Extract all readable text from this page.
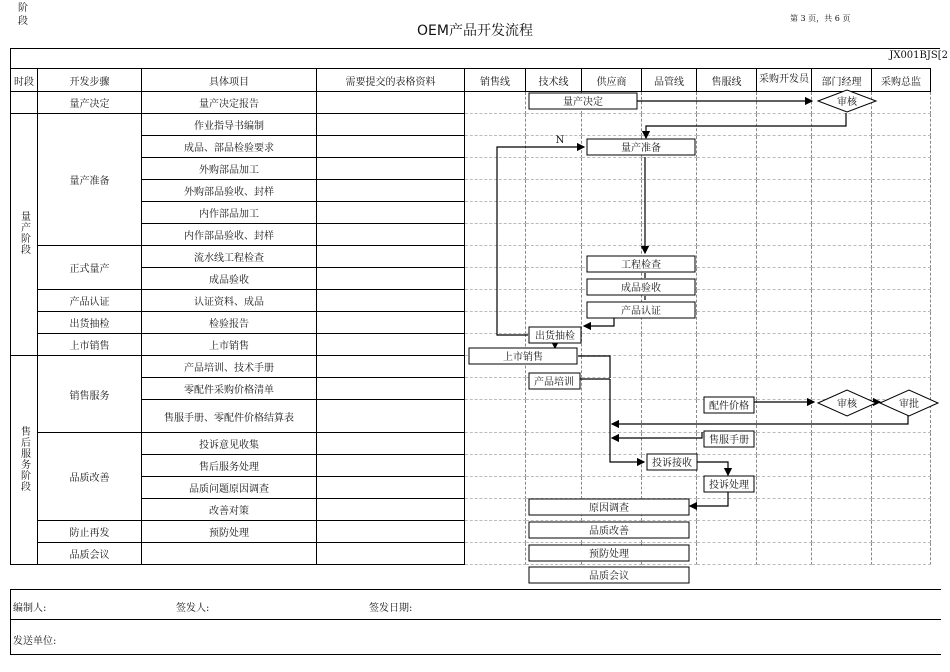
阶段
OEM产品开发流程
第 3 页，共 6 页
JX001BJS[2
时段	开发步骤	具体项目	需要提交的表格资料	销售线	技术线	供应商	品管线	售服线	采购开发员	部门经理	采购总监
	量产决定	量产决定报告									
量产阶段	量产准备	作业指导书编制									
		成品、部品检验要求									
		外购部品加工									
		外购部品验收、封样									
		内作部品加工									
		内作部品验收、封样									
	正式量产	流水线工程检查									
		成品验收									
	产品认证	认证资料、成品									
	出货抽检	检验报告									
	上市销售	上市销售									
售后服务阶段	销售服务	产品培训、技术手册									
		零配件采购价格清单									
		售服手册、零配件价格结算表									
	品质改善	投诉意见收集									
		售后服务处理									
		品质问题原因调查									
		改善对策									
	防止再发	预防处理									
	品质会议										
量产决定	审核
N
量产准备
工程检查
成品验收
产品认证
出货抽检
上市销售
产品培训
配件价格	审核	审批
售服手册
投诉接收
投诉处理
原因调查
品质改善
预防处理
品质会议
编制人:	签发人:	签发日期:
发送单位:
